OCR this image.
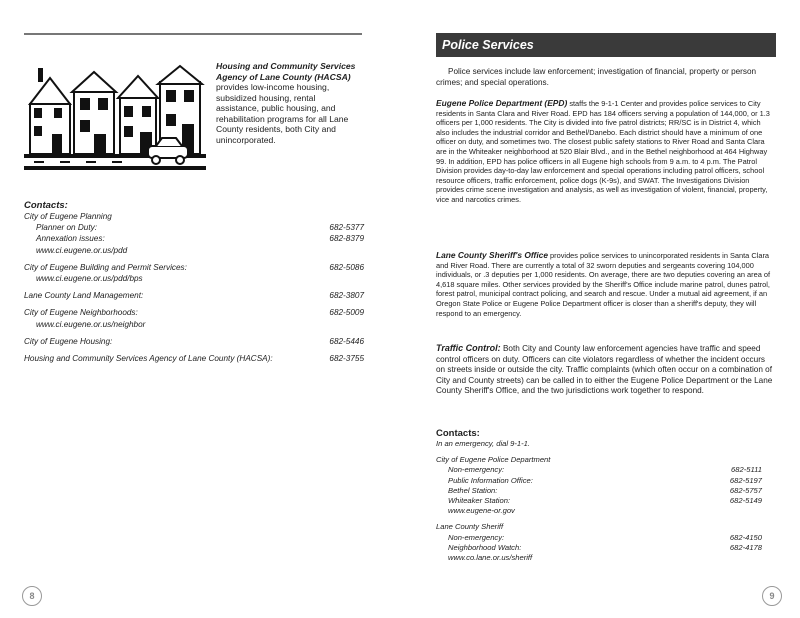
Housing and Community Services Agency of Lane County (HACSA) provides low-income housing, subsidized housing, rental assistance, public housing, and rehabilitation programs for all Lane County residents, both City and unincorporated.
Contacts:
City of Eugene Planning
Planner on Duty:	682-5377
Annexation issues:	682-8379
www.ci.eugene.or.us/pdd
City of Eugene Building and Permit Services:	682-5086
www.ci.eugene.or.us/pdd/bps
Lane County Land Management:	682-3807
City of Eugene Neighborhoods:	682-5009
www.ci.eugene.or.us/neighbor
City of Eugene Housing:	682-5446
Housing and Community Services Agency of Lane County (HACSA):	682-3755
8
Police Services
Police services include law enforcement; investigation of financial, property or person crimes; and special operations.
Eugene Police Department (EPD) staffs the 9-1-1 Center and provides police services to City residents in Santa Clara and River Road. EPD has 184 officers serving a population of 144,000, or 1.3 officers per 1,000 residents. The City is divided into five patrol districts; RR/SC is in District 4, which also includes the industrial corridor and Bethel/Danebo. Each district should have a minimum of one officer on duty, and sometimes two. The closest public safety stations to River Road and Santa Clara are in the Whiteaker neighborhood at 520 Blair Blvd., and in the Bethel neighborhood at 464 Highway 99. In addition, EPD has police officers in all Eugene high schools from 9 a.m. to 4 p.m. The Patrol Division provides day-to-day law enforcement and special operations including patrol officers, school resource officers, traffic enforcement, police dogs (K-9s), and SWAT. The Investigations Division provides crime scene investigation and analysis, as well as investigation of violent, financial, property, vice and narcotics crimes.
Lane County Sheriff's Office provides police services to unincorporated residents in Santa Clara and River Road. There are currently a total of 32 sworn deputies and sergeants covering 104,000 individuals, or .3 deputies per 1,000 residents. On average, there are two deputies covering an area of 4,618 square miles. Other services provided by the Sheriff's Office include marine patrol, dunes patrol, forest patrol, municipal contract policing, and search and rescue. Under a mutual aid agreement, if an Oregon State Police or Eugene Police Department officer is closer than a sheriff's deputy, they will respond to an emergency.
Traffic Control: Both City and County law enforcement agencies have traffic and speed control officers on duty. Officers can cite violators regardless of whether the incident occurs on streets inside or outside the city. Traffic complaints (which often occur on a combination of City and County streets) can be called in to either the Eugene Police Department or the Lane County Sheriff's Office, and the two jurisdictions work together to respond.
Contacts:
In an emergency, dial 9-1-1.
City of Eugene Police Department
Non-emergency:	682-5111
Public Information Office:	682-5197
Bethel Station:	682-5757
Whiteaker Station:	682-5149
www.eugene-or.gov
Lane County Sheriff
Non-emergency:	682-4150
Neighborhood Watch:	682-4178
www.co.lane.or.us/sheriff
9
